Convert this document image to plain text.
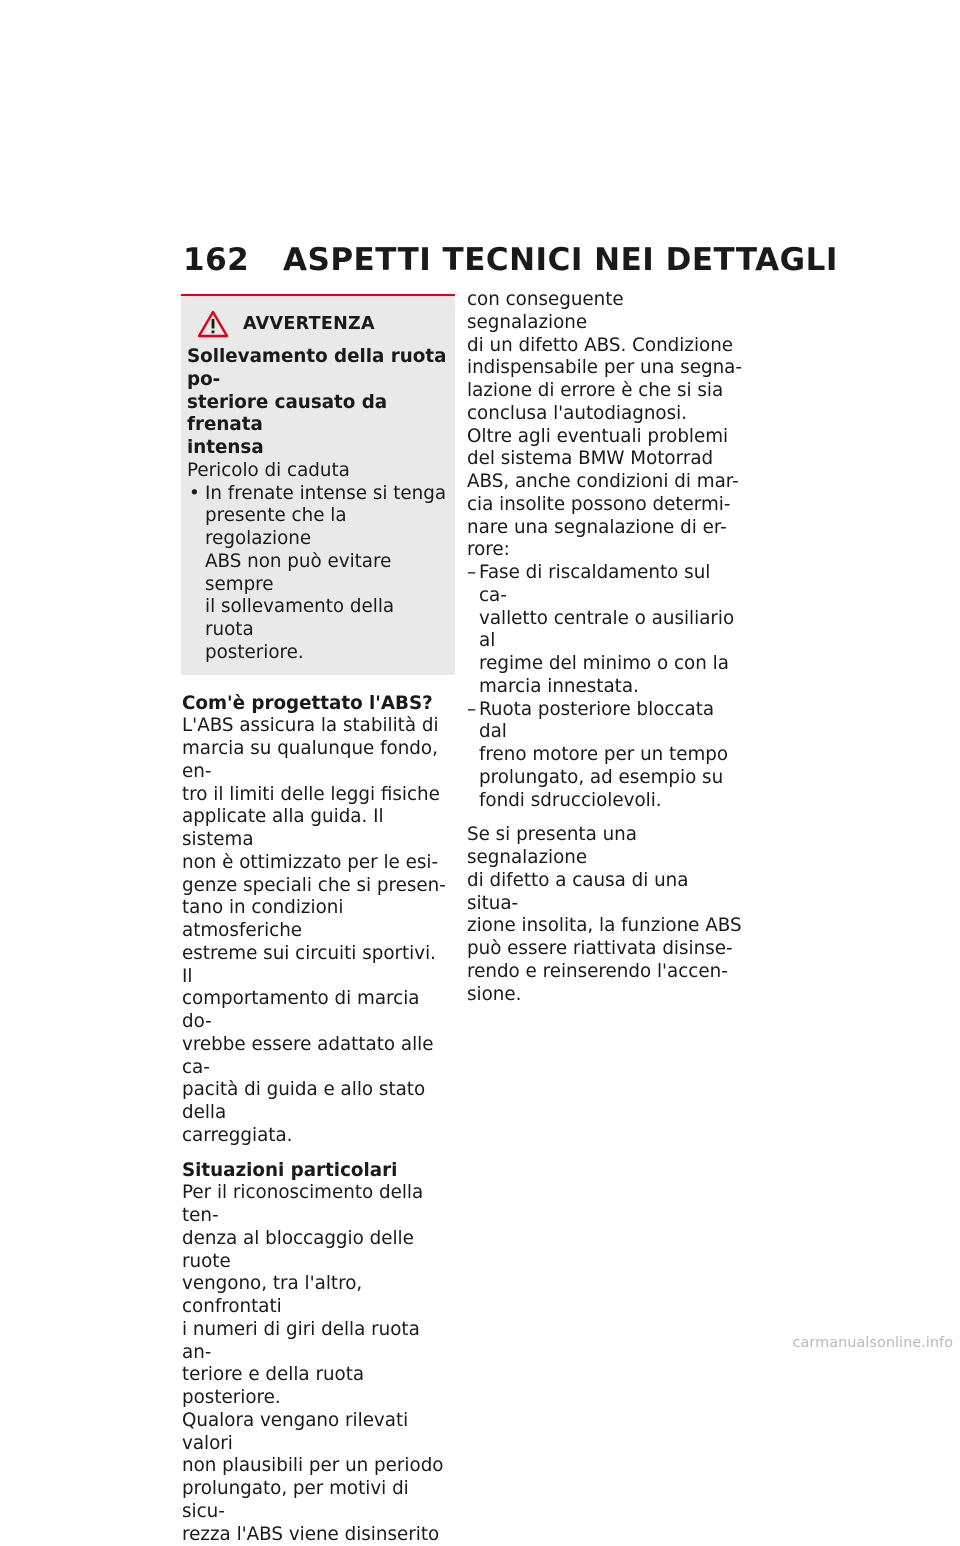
162 ASPETTI TECNICI NEI DETTAGLI
AVVERTENZA

Sollevamento della ruota po-

steriore causato da frenata

intensa

Pericolo di caduta

• In frenate intense si tenga

presente che la regolazione

ABS non può evitare sempre

il sollevamento della ruota

posteriore.

Com'è progettato l'ABS?

L'ABS assicura la stabilità di

marcia su qualunque fondo, en-

tro il limiti delle leggi fisiche

applicate alla guida. Il sistema

non è ottimizzato per le esi-

genze speciali che si presen-

tano in condizioni atmosferiche

estreme sui circuiti sportivi. Il

comportamento di marcia do-

vrebbe essere adattato alle ca-

pacità di guida e allo stato della

carreggiata.

Situazioni particolari

Per il riconoscimento della ten-

denza al bloccaggio delle ruote

vengono, tra l'altro, confrontati

i numeri di giri della ruota an-

teriore e della ruota posteriore.

Qualora vengano rilevati valori

non plausibili per un periodo

prolungato, per motivi di sicu-

rezza l'ABS viene disinserito

con conseguente segnalazione

di un difetto ABS. Condizione

indispensabile per una segna-

lazione di errore è che si sia

conclusa l'autodiagnosi.

Oltre agli eventuali problemi

del sistema BMW Motorrad

ABS, anche condizioni di mar-

cia insolite possono determi-

nare una segnalazione di er-

rore:

– Fase di riscaldamento sul ca-

valletto centrale o ausiliario al

regime del minimo o con la

marcia innestata.

– Ruota posteriore bloccata dal

freno motore per un tempo

prolungato, ad esempio su

fondi sdrucciolevoli.

Se si presenta una segnalazione

di difetto a causa di una situa-

zione insolita, la funzione ABS

può essere riattivata disinse-

rendo e reinserendo l'accen-

sione.

carmanualsonline.info
